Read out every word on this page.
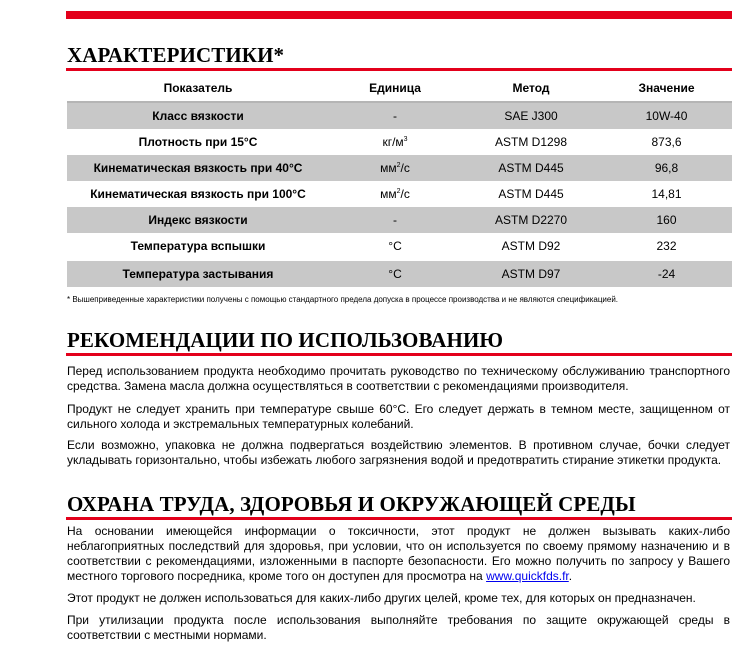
ХАРАКТЕРИСТИКИ*
Показатель	Единица	Метод	Значение
Класс вязкости	-	SAE J300	10W-40
Плотность при 15°С	$кг/м^3$	ASTM D1298	873,6
Кинематическая вязкость при 40°С	$мм^2/с$	ASTM D445	96,8
Кинематическая вязкость при 100°С	$мм^2/с$	ASTM D445	14,81
Индекс вязкости	-	ASTM D2270	160
Температура вспышки	°С	ASTM D92	232
Температура застывания	°С	ASTM D97	-24

* Вышеприведенные характеристики получены с помощью стандартного предела допуска в процессе производства и не являются спецификацией.

РЕКОМЕНДАЦИИ ПО ИСПОЛЬЗОВАНИЮ

Перед использованием продукта необходимо прочитать руководство по техническому обслуживанию транспортного средства. Замена масла должна осуществляться в соответствии с рекомендациями производителя.

Продукт не следует хранить при температуре свыше 60°С. Его следует держать в темном месте, защищенном от сильного холода и экстремальных температурных колебаний.

Если возможно, упаковка не должна подвергаться воздействию элементов. В противном случае, бочки следует укладывать горизонтально, чтобы избежать любого загрязнения водой и предотвратить стирание этикетки продукта.

ОХРАНА ТРУДА, ЗДОРОВЬЯ И ОКРУЖАЮЩЕЙ СРЕДЫ

На основании имеющейся информации о токсичности, этот продукт не должен вызывать каких-либо неблагоприятных последствий для здоровья, при условии, что он используется по своему прямому назначению и в соответствии с рекомендациями, изложенными в паспорте безопасности. Его можно получить по запросу у Вашего местного торгового посредника, кроме того он доступен для просмотра на www.quickfds.fr.

Этот продукт не должен использоваться для каких-либо других целей, кроме тех, для которых он предназначен.

При утилизации продукта после использования выполняйте требования по защите окружающей среды в соответствии с местными нормами.
